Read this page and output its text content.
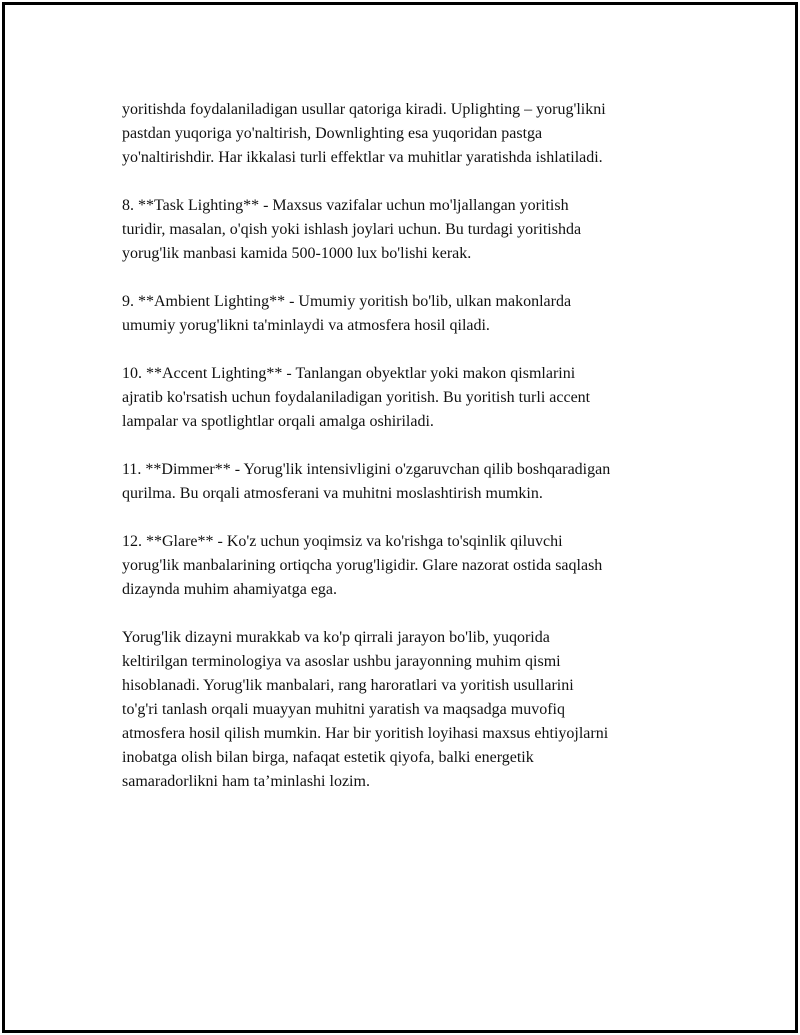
yoritishda foydalaniladigan usullar qatoriga kiradi. Uplighting – yorug'likni
pastdan yuqoriga yo'naltirish, Downlighting esa yuqoridan pastga
yo'naltirishdir. Har ikkalasi turli effektlar va muhitlar yaratishda ishlatiladi.

8. **Task Lighting** - Maxsus vazifalar uchun mo'ljallangan yoritish
turidir, masalan, o'qish yoki ishlash joylari uchun. Bu turdagi yoritishda
yorug'lik manbasi kamida 500-1000 lux bo'lishi kerak.

9. **Ambient Lighting** - Umumiy yoritish bo'lib, ulkan makonlarda
umumiy yorug'likni ta'minlaydi va atmosfera hosil qiladi.

10. **Accent Lighting** - Tanlangan obyektlar yoki makon qismlarini
ajratib ko'rsatish uchun foydalaniladigan yoritish. Bu yoritish turli accent
lampalar va spotlightlar orqali amalga oshiriladi.

11. **Dimmer** - Yorug'lik intensivligini o'zgaruvchan qilib boshqaradigan
qurilma. Bu orqali atmosferani va muhitni moslashtirish mumkin.

12. **Glare** - Ko'z uchun yoqimsiz va ko'rishga to'sqinlik qiluvchi
yorug'lik manbalarining ortiqcha yorug'ligidir. Glare nazorat ostida saqlash
dizaynda muhim ahamiyatga ega.

Yorug'lik dizayni murakkab va ko'p qirrali jarayon bo'lib, yuqorida
keltirilgan terminologiya va asoslar ushbu jarayonning muhim qismi
hisoblanadi. Yorug'lik manbalari, rang haroratlari va yoritish usullarini
to'g'ri tanlash orqali muayyan muhitni yaratish va maqsadga muvofiq
atmosfera hosil qilish mumkin. Har bir yoritish loyihasi maxsus ehtiyojlarni
inobatga olish bilan birga, nafaqat estetik qiyofa, balki energetik
samaradorlikni ham ta’minlashi lozim.
